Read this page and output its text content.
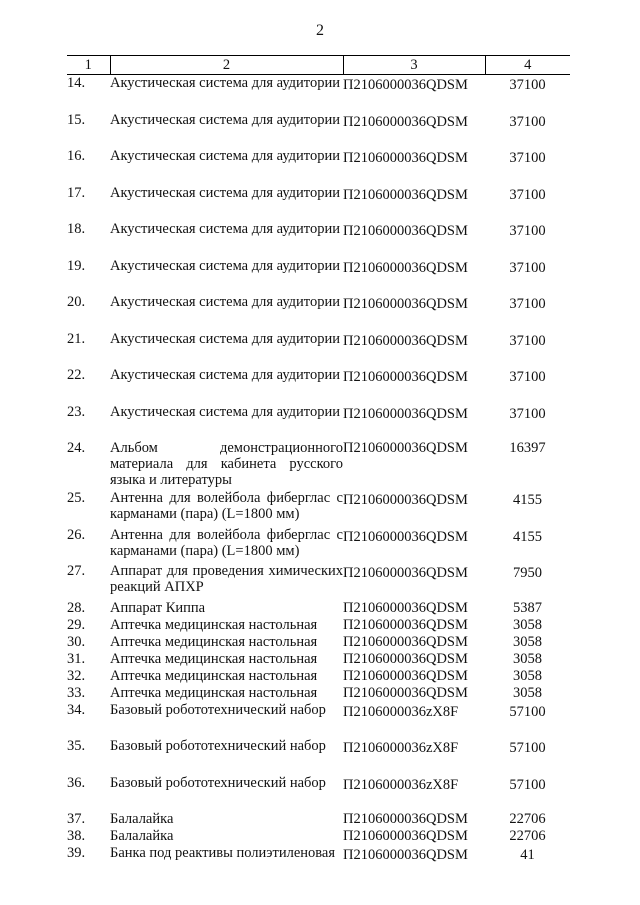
2
1	2	3	4
14.	Акустическая система для аудитории	П2106000036QDSM	37100
15.	Акустическая система для аудитории	П2106000036QDSM	37100
16.	Акустическая система для аудитории	П2106000036QDSM	37100
17.	Акустическая система для аудитории	П2106000036QDSM	37100
18.	Акустическая система для аудитории	П2106000036QDSM	37100
19.	Акустическая система для аудитории	П2106000036QDSM	37100
20.	Акустическая система для аудитории	П2106000036QDSM	37100
21.	Акустическая система для аудитории	П2106000036QDSM	37100
22.	Акустическая система для аудитории	П2106000036QDSM	37100
23.	Акустическая система для аудитории	П2106000036QDSM	37100
24.	Альбом демонстрационного материала для кабинета русского языка и литературы	П2106000036QDSM	16397
25.	Антенна для волейбола фиберглас с карманами (пара) (L=1800 мм)	П2106000036QDSM	4155
26.	Антенна для волейбола фиберглас с карманами (пара) (L=1800 мм)	П2106000036QDSM	4155
27.	Аппарат для проведения химических реакций АПХР	П2106000036QDSM	7950
28.	Аппарат Киппа	П2106000036QDSM	5387
29.	Аптечка медицинская настольная	П2106000036QDSM	3058
30.	Аптечка медицинская настольная	П2106000036QDSM	3058
31.	Аптечка медицинская настольная	П2106000036QDSM	3058
32.	Аптечка медицинская настольная	П2106000036QDSM	3058
33.	Аптечка медицинская настольная	П2106000036QDSM	3058
34.	Базовый робототехнический набор	П2106000036zX8F	57100
35.	Базовый робототехнический набор	П2106000036zX8F	57100
36.	Базовый робототехнический набор	П2106000036zX8F	57100
37.	Балалайка	П2106000036QDSM	22706
38.	Балалайка	П2106000036QDSM	22706
39.	Банка под реактивы полиэтиленовая	П2106000036QDSM	41
